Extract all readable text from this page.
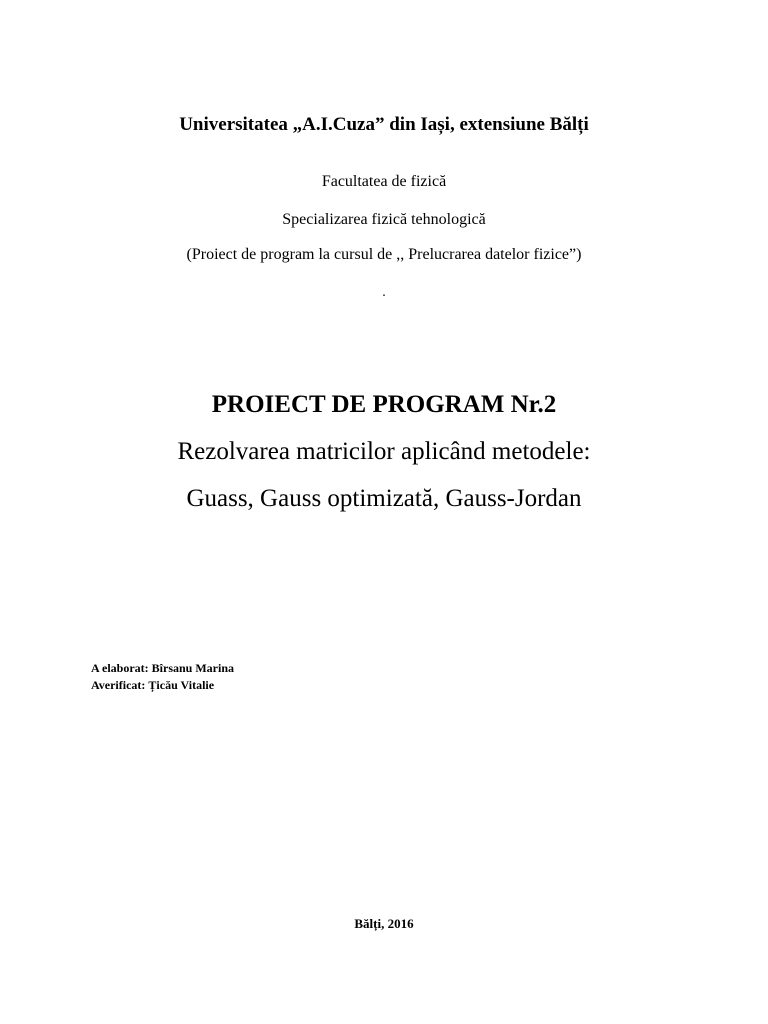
Universitatea „A.I.Cuza” din Iași, extensiune Bălți
Facultatea de fizică
Specializarea fizică tehnologică
(Proiect de program la cursul de ,, Prelucrarea datelor fizice”)
.
PROIECT DE PROGRAM Nr.2
Rezolvarea matricilor aplicând metodele:
Guass, Gauss optimizată, Gauss-Jordan
A elaborat: Bîrsanu Marina
Averificat: Țicău Vitalie
Bălți, 2016
